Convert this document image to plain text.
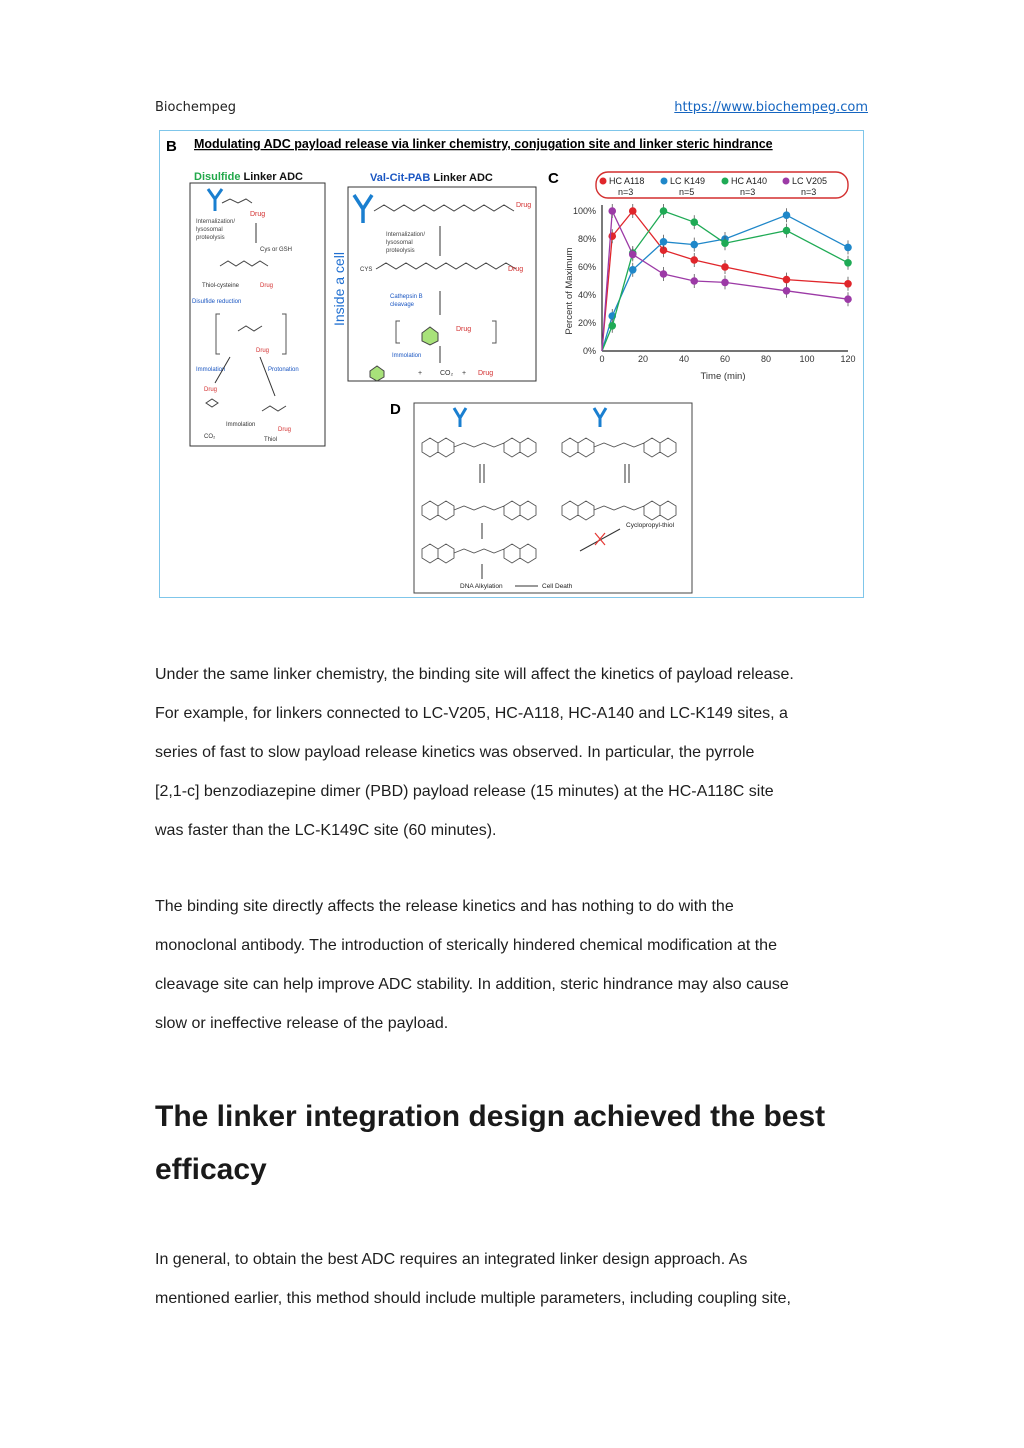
Biochempeg	https://www.biochempeg.com
B Modulating ADC payload release via linker chemistry, conjugation site and linker steric hindrance
Disulfide Linker ADC
Drug
Internalization/ lysosomal proteolysis
Cys or GSH
Thiol-cysteine	Drug
Disulfide reduction
Drug
Immolation	Protonation
Drug
CO₂
Immolation
Drug
Thiol
Val-Cit-PAB Linker ADC
Drug
Internalization/ lysosomal proteolysis
CYS	Drug
Cathepsin B cleavage
Drug
Immolation
+	CO₂ + Drug
Inside a cell
C	HC A118
n=3
LC K149
n=5
HC A140
n=3
LC V205
n=3
0%
20%
40%
60%
80%
100%
0	20	40	60	80	100	120
Percent of Maximum
Time (min)
D
Cyclopropyl-thiol
DNA Alkylation	Cell Death
Under the same linker chemistry, the binding site will affect the kinetics of payload release.
For example, for linkers connected to LC-V205, HC-A118, HC-A140 and LC-K149 sites, a
series of fast to slow payload release kinetics was observed. In particular, the pyrrole
[2,1-c] benzodiazepine dimer (PBD) payload release (15 minutes) at the HC-A118C site
was faster than the LC-K149C site (60 minutes).
The binding site directly affects the release kinetics and has nothing to do with the
monoclonal antibody. The introduction of sterically hindered chemical modification at the
cleavage site can help improve ADC stability. In addition, steric hindrance may also cause
slow or ineffective release of the payload.
The linker integration design achieved the best
efficacy
In general, to obtain the best ADC requires an integrated linker design approach. As
mentioned earlier, this method should include multiple parameters, including coupling site,
